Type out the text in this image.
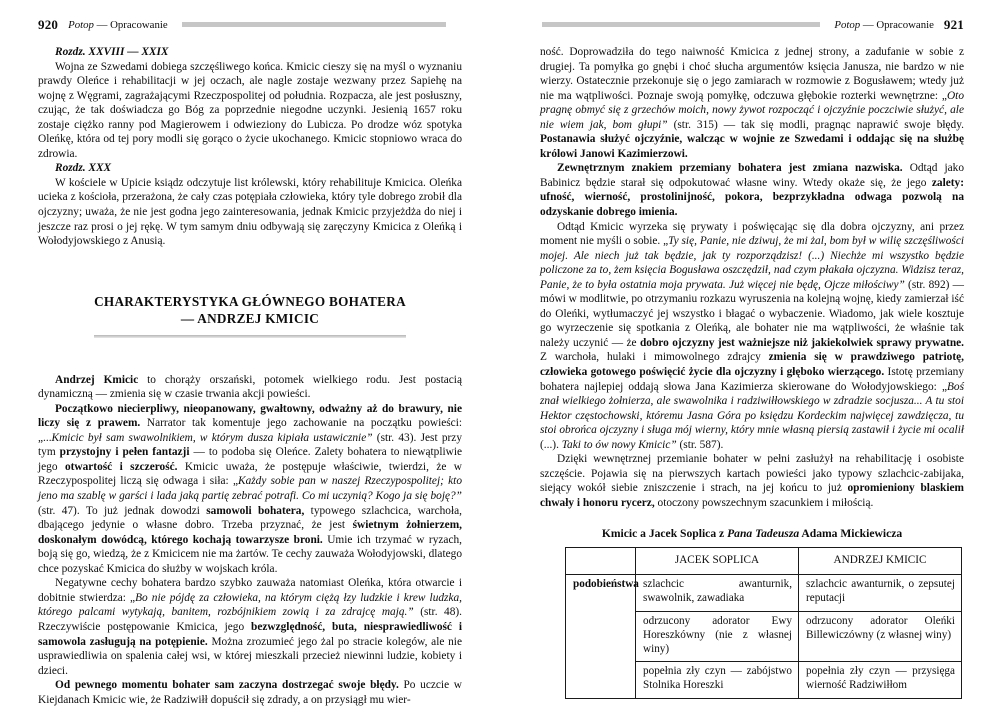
920 Potop — Opracowanie

Rozdz. XXVIII — XXIX

Wojna ze Szwedami dobiega szczęśliwego końca. Kmicic cieszy się na myśl o wyznaniu prawdy Oleńce i rehabilitacji w jej oczach, ale nagle zostaje wezwany przez Sapiehę na wojnę z Węgrami, zagrażającymi Rzeczpospolitej od południa. Rozpacza, ale jest posłuszny, czując, że tak doświadcza go Bóg za poprzednie niegodne uczynki. Jesienią 1657 roku zostaje ciężko ranny pod Magierowem i odwieziony do Lubicza. Po drodze wóz spotyka Oleńkę, która od tej pory modli się gorąco o życie ukochanego. Kmicic stopniowo wraca do zdrowia.

Rozdz. XXX

W kościele w Upicie ksiądz odczytuje list królewski, który rehabilituje Kmicica. Oleńka ucieka z kościoła, przerażona, że cały czas potępiała człowieka, który tyle dobrego zrobił dla ojczyzny; uważa, że nie jest godna jego zainteresowania, jednak Kmicic przyjeżdża do niej i jeszcze raz prosi o jej rękę. W tym samym dniu odbywają się zaręczyny Kmicica z Oleńką i Wołodyjowskiego z Anusią.

CHARAKTERYSTYKA GŁÓWNEGO BOHATERA
— ANDRZEJ KMICIC

Andrzej Kmicic to chorąży orszański, potomek wielkiego rodu. Jest postacią dynamiczną — zmienia się w czasie trwania akcji powieści.

Początkowo niecierpliwy, nieopanowany, gwałtowny, odważny aż do brawury, nie liczy się z prawem. Narrator tak komentuje jego zachowanie na początku powieści: „...Kmicic był sam swawolnikiem, w którym dusza kipiała ustawicznie” (str. 43). Jest przy tym przystojny i pełen fantazji — to podoba się Oleńce. Zalety bohatera to niewątpliwie jego otwartość i szczerość. Kmicic uważa, że postępuje właściwie, twierdzi, że w Rzeczypospolitej liczą się odwaga i siła: „Każdy sobie pan w naszej Rzeczypospolitej; kto jeno ma szablę w garści i lada jaką partię zebrać potrafi. Co mi uczynią? Kogo ja się boję?” (str. 47). To już jednak dowodzi samowoli bohatera, typowego szlachcica, warchoła, dbającego jedynie o własne dobro. Trzeba przyznać, że jest świetnym żołnierzem, doskonałym dowódcą, którego kochają towarzysze broni. Umie ich trzymać w ryzach, boją się go, wiedzą, że z Kmicicem nie ma żartów. Te cechy zauważa Wołodyjowski, dlatego chce pozyskać Kmicica do służby w wojskach króla.

Negatywne cechy bohatera bardzo szybko zauważa natomiast Oleńka, która otwarcie i dobitnie stwierdza: „Bo nie pójdę za człowieka, na którym ciężą łzy ludzkie i krew ludzka, którego palcami wytykają, banitem, rozbójnikiem zowią i za zdrajcę mają.” (str. 48). Rzeczywiście postępowanie Kmicica, jego bezwzględność, buta, niesprawiedliwość i samowola zasługują na potępienie. Można zrozumieć jego żal po stracie kolegów, ale nie usprawiedliwia on spalenia całej wsi, w której mieszkali przecież niewinni ludzie, kobiety i dzieci.

Od pewnego momentu bohater sam zaczyna dostrzegać swoje błędy. Po uczcie w Kiejdanach Kmicic wie, że Radziwiłł dopuścił się zdrady, a on przysiągł mu wier-

Potop — Opracowanie 921

ność. Doprowadziła do tego naiwność Kmicica z jednej strony, a zadufanie w sobie z drugiej. Ta pomyłka go gnębi i choć słucha argumentów księcia Janusza, nie bardzo w nie wierzy. Ostatecznie przekonuje się o jego zamiarach w rozmowie z Bogusławem; wtedy już nie ma wątpliwości. Poznaje swoją pomyłkę, odczuwa głębokie rozterki wewnętrzne: „Oto pragnę obmyć się z grzechów moich, nowy żywot rozpocząć i ojczyźnie poczciwie służyć, ale nie wiem jak, bom głupi” (str. 315) — tak się modli, pragnąc naprawić swoje błędy. Postanawia służyć ojczyźnie, walcząc w wojnie ze Szwedami i oddając się na służbę królowi Janowi Kazimierzowi.

Zewnętrznym znakiem przemiany bohatera jest zmiana nazwiska. Odtąd jako Babinicz będzie starał się odpokutować własne winy. Wtedy okaże się, że jego zalety: ufność, wierność, prostolinijność, pokora, bezprzykładna odwaga pozwolą na odzyskanie dobrego imienia.

Odtąd Kmicic wyrzeka się prywaty i poświęcając się dla dobra ojczyzny, ani przez moment nie myśli o sobie. „Ty się, Panie, nie dziwuj, że mi żal, bom był w wilię szczęśliwości mojej. Ale niech już tak będzie, jak ty rozporządzisz! (...) Niechże mi wszystko będzie policzone za to, żem księcia Bogusława oszczędził, nad czym płakała ojczyzna. Widzisz teraz, Panie, że to była ostatnia moja prywata. Już więcej nie będę, Ojcze miłościwy” (str. 892) — mówi w modlitwie, po otrzymaniu rozkazu wyruszenia na kolejną wojnę, kiedy zamierzał iść do Oleńki, wytłumaczyć jej wszystko i błagać o wybaczenie. Wiadomo, jak wiele kosztuje go wyrzeczenie się spotkania z Oleńką, ale bohater nie ma wątpliwości, że właśnie tak należy uczynić — że dobro ojczyzny jest ważniejsze niż jakiekolwiek sprawy prywatne. Z warchoła, hulaki i mimowolnego zdrajcy zmienia się w prawdziwego patriotę, człowieka gotowego poświęcić życie dla ojczyzny i głęboko wierzącego. Istotę przemiany bohatera najlepiej oddają słowa Jana Kazimierza skierowane do Wołodyjowskiego: „Boś znał wielkiego żołnierza, ale swawolnika i radziwiłłowskiego w zdradzie socjusza... A tu stoi Hektor częstochowski, któremu Jasna Góra po księdzu Kordeckim najwięcej zawdzięcza, tu stoi obrońca ojczyzny i sługa mój wierny, który mnie własną piersią zastawił i życie mi ocalił (...). Taki to ów nowy Kmicic” (str. 587).

Dzięki wewnętrznej przemianie bohater w pełni zasłużył na rehabilitację i osobiste szczęście. Pojawia się na pierwszych kartach powieści jako typowy szlachcic-zabijaka, siejący wokół siebie zniszczenie i strach, na jej końcu to już opromieniony blaskiem chwały i honoru rycerz, otoczony powszechnym szacunkiem i miłością.

Kmicic a Jacek Soplica z Pana Tadeusza Adama Mickiewicza
	JACEK SOPLICA	ANDRZEJ KMICIC
podobieństwa	szlachcic awanturnik, swawolnik, zawadiaka	szlachcic awanturnik, o zepsutej reputacji
	odrzucony adorator Ewy Horeszkówny (nie z własnej winy)	odrzucony adorator Oleńki Billewiczówny (z własnej winy)
	popełnia zły czyn — zabójstwo Stolnika Horeszki	popełnia zły czyn — przysięga wierność Radziwiłłom
